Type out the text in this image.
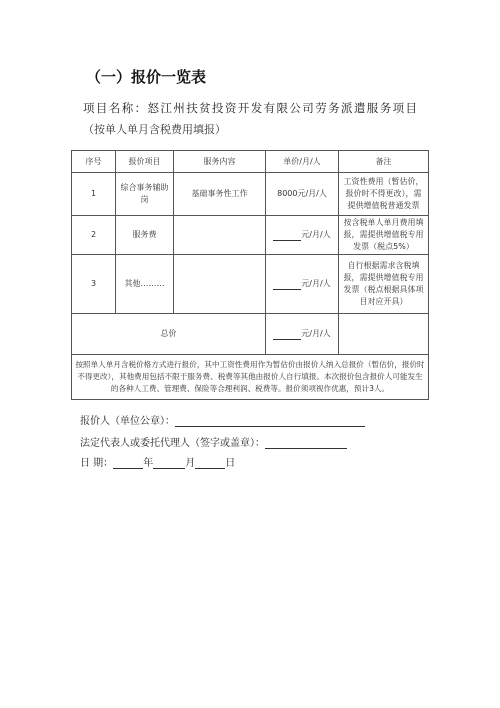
（一）报价一览表
项目名称：怒江州扶贫投资开发有限公司劳务派遣服务项目
（按单人单月含税费用填报）
序号	报价项目	服务内容	单价/月/人	备注
1	综合事务辅助岗	基础事务性工作	8000元/月/人	工资性费用（暂估价，报价时不得更改），需提供增值税普通发票
2	服务费		元/月/人	按含税单人单月费用填报，需提供增值税专用发票（税点5%）
3	其他………		元/月/人	自行根据需求含税填报，需提供增值税专用发票（税点根据具体项目对应开具）
总价			元/月/人	
按照单人单月含税价格方式进行报价，其中工资性费用作为暂估价由报价人纳入总报价（暂估价，报价时不得更改），其他费用包括不限于服务费、税费等其他由报价人自行填报。本次报价包含报价人可能发生的各种人工费、管理费、保险等合理利润、税费等。报价须项视作优惠，预计3人。				
报价人（单位公章）：
法定代表人或委托代理人（签字或盖章）：
日 期：	年	月	日
